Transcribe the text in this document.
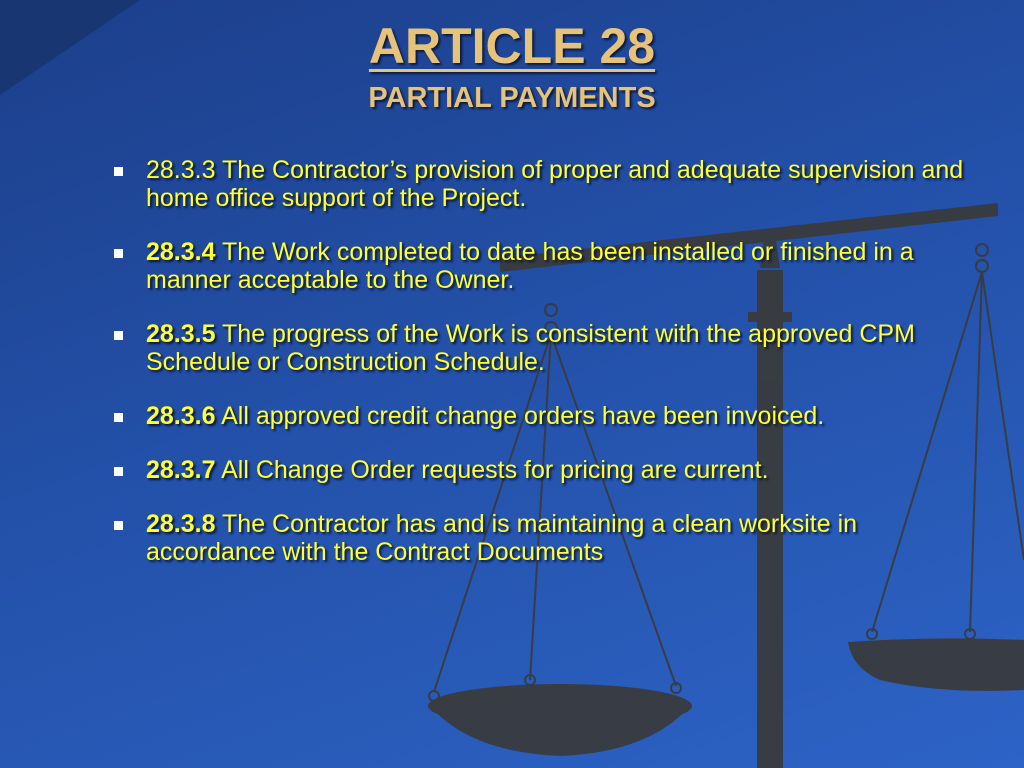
ARTICLE 28
PARTIAL PAYMENTS
28.3.3 The Contractor’s provision of proper and adequate supervision and home office support of the Project.
28.3.4 The Work completed to date has been installed or finished in a manner acceptable to the Owner.
28.3.5 The progress of the Work is consistent with the approved CPM Schedule or Construction Schedule.
28.3.6 All approved credit change orders have been invoiced.
28.3.7 All Change Order requests for pricing are current.
28.3.8 The Contractor has and is maintaining a clean worksite in accordance with the Contract Documents
